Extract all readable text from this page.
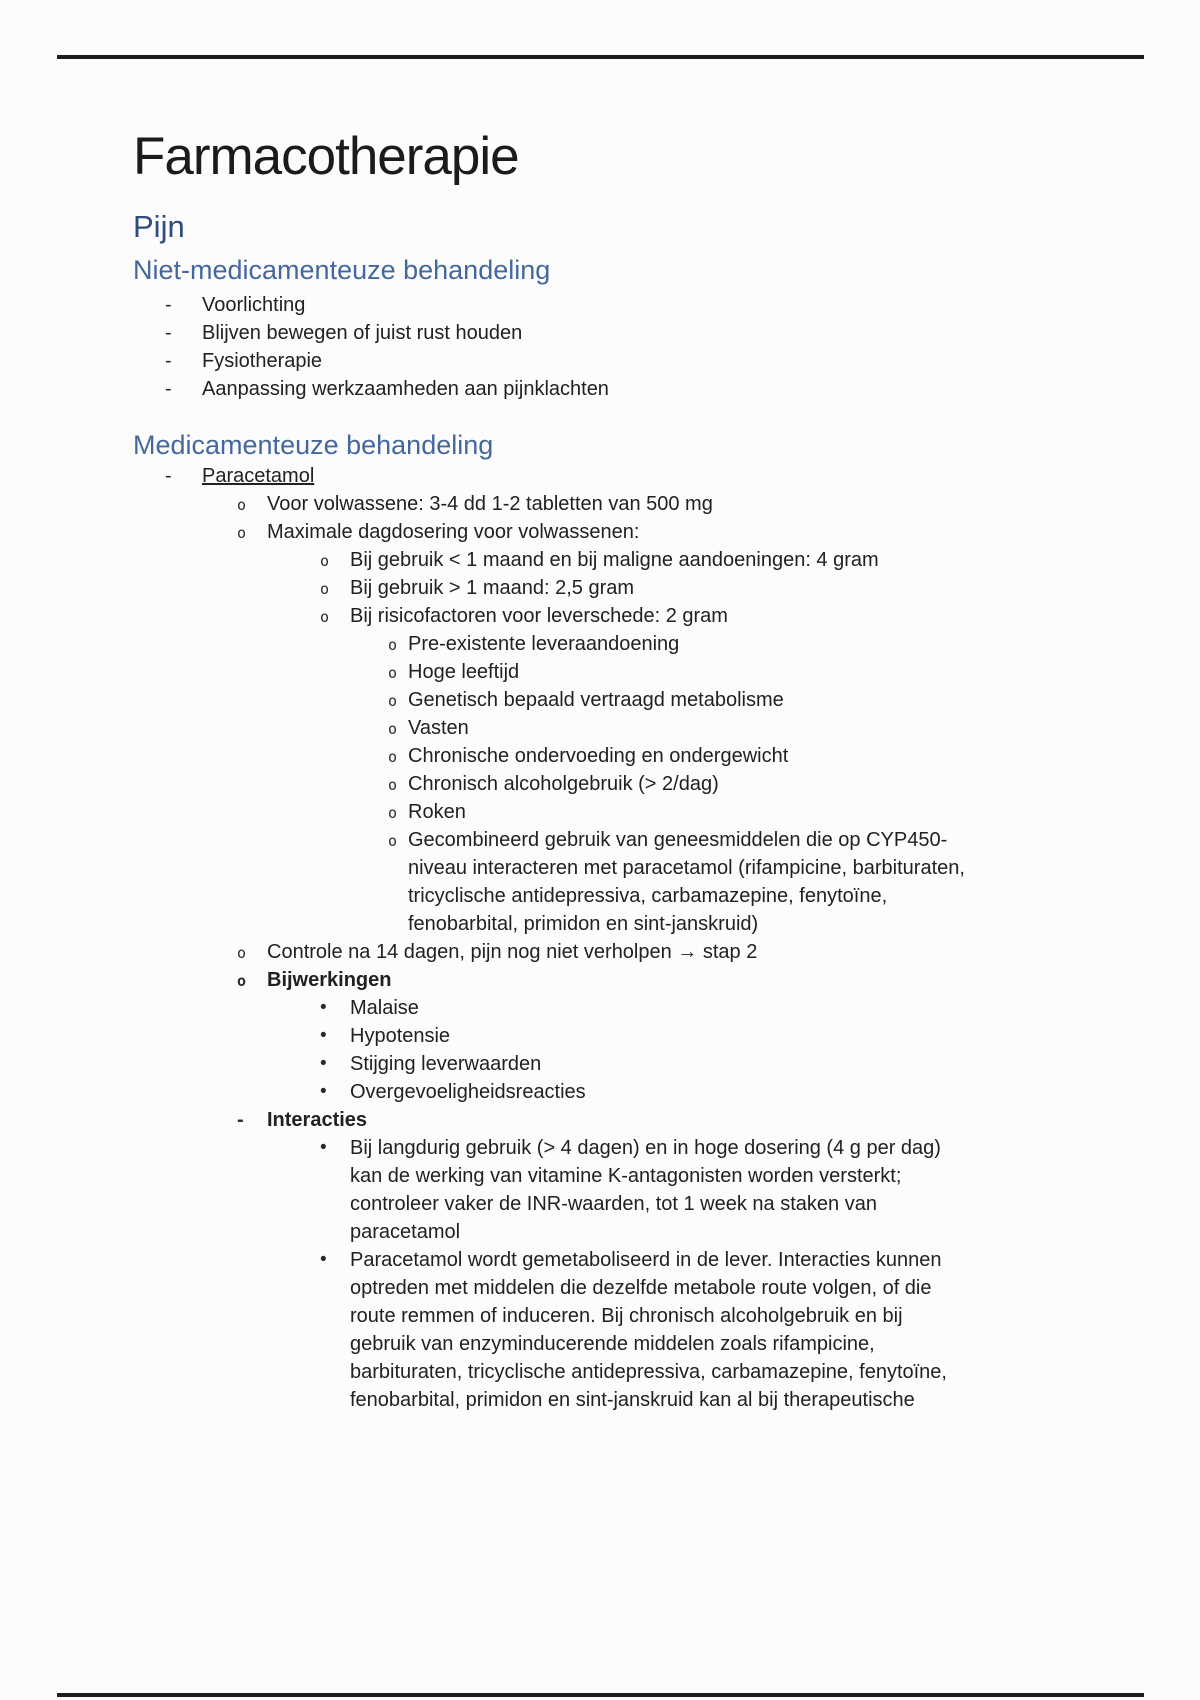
Farmacotherapie
Pijn
Niet-medicamenteuze behandeling
-	Voorlichting
-	Blijven bewegen of juist rust houden
-	Fysiotherapie
-	Aanpassing werkzaamheden aan pijnklachten
Medicamenteuze behandeling
-	Paracetamol
o	Voor volwassene: 3-4 dd 1-2 tabletten van 500 mg
o	Maximale dagdosering voor volwassenen:
o	Bij gebruik < 1 maand en bij maligne aandoeningen: 4 gram
o	Bij gebruik > 1 maand: 2,5 gram
o	Bij risicofactoren voor leverschede: 2 gram
o Pre-existente leveraandoening
o Hoge leeftijd
o Genetisch bepaald vertraagd metabolisme
o Vasten
o Chronische ondervoeding en ondergewicht
o Chronisch alcoholgebruik (> 2/dag)
o Roken
o Gecombineerd gebruik van geneesmiddelen die op CYP450-niveau interacteren met paracetamol (rifampicine, barbituraten, tricyclische antidepressiva, carbamazepine, fenytoïne, fenobarbital, primidon en sint-janskruid)
o	Controle na 14 dagen, pijn nog niet verholpen → stap 2
o	Bijwerkingen
•	Malaise
•	Hypotensie
•	Stijging leverwaarden
•	Overgevoeligheidsreacties
-	Interacties
•	Bij langdurig gebruik (> 4 dagen) en in hoge dosering (4 g per dag) kan de werking van vitamine K-antagonisten worden versterkt; controleer vaker de INR-waarden, tot 1 week na staken van paracetamol
•	Paracetamol wordt gemetaboliseerd in de lever. Interacties kunnen optreden met middelen die dezelfde metabole route volgen, of die route remmen of induceren. Bij chronisch alcoholgebruik en bij gebruik van enzyminducerende middelen zoals rifampicine, barbituraten, tricyclische antidepressiva, carbamazepine, fenytoïne, fenobarbital, primidon en sint-janskruid kan al bij therapeutische
